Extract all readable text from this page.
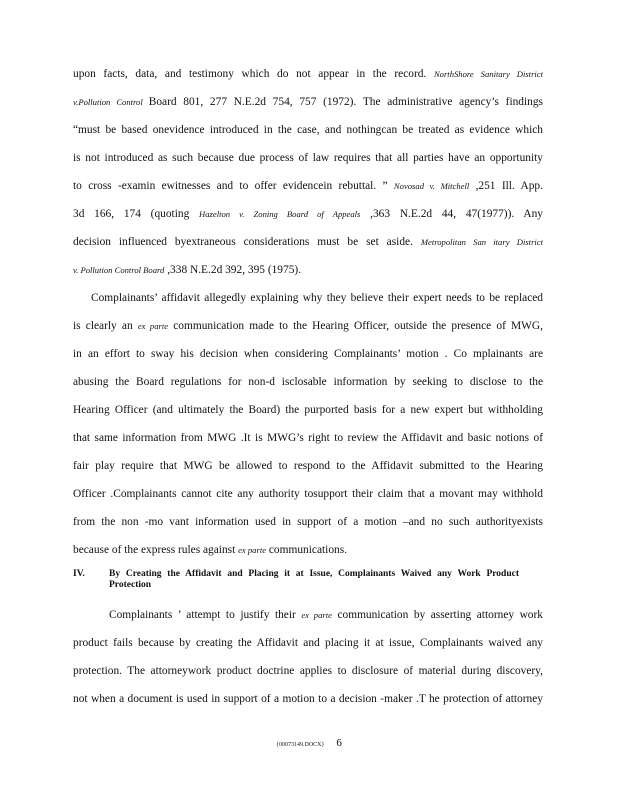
upon facts, data, and testimony which do not appear in the record. NorthShore Sanitary District
v.Pollution Control Board 801, 277 N.E.2d 754, 757 (1972). The administrative agency’s findings
“must be based onevidence introduced in the case, and nothingcan be treated as evidence which
is not introduced as such because due process of law requires that all parties have an opportunity
to cross -examin ewitnesses and to offer evidencein rebuttal. ” Novosad v. Mitchell ,251 Ill. App.
3d 166, 174 (quoting Hazelton v. Zoning Board of Appeals ,363 N.E.2d 44, 47(1977)). Any
decision influenced byextraneous considerations must be set aside. Metropolitan San itary District
v. Pollution Control Board ,338 N.E.2d 392, 395 (1975).
Complainants’ affidavit allegedly explaining why they believe their expert needs to be replaced
is clearly an ex parte communication made to the Hearing Officer, outside the presence of MWG,
in an effort to sway his decision when considering Complainants’ motion . Co mplainants are
abusing the Board regulations for non-d isclosable information by seeking to disclose to the
Hearing Officer (and ultimately the Board) the purported basis for a new expert but withholding
that same information from MWG .It is MWG’s right to review the Affidavit and basic notions of
fair play require that MWG be allowed to respond to the Affidavit submitted to the Hearing
Officer .Complainants cannot cite any authority tosupport their claim that a movant may withhold
from the non -mo vant information used in support of a motion –and no such authorityexists
because of the express rules against ex parte communications.
IV.	By Creating the Affidavit and Placing it at Issue, Complainants Waived any Work Product Protection
Complainants ’ attempt to justify their ex parte communication by asserting attorney work
product fails because by creating the Affidavit and placing it at issue, Complainants waived any
protection. The attorneywork product doctrine applies to disclosure of material during discovery,
not when a document is used in support of a motion to a decision -maker .T he protection of attorney
{00073149.DOCX} 6
